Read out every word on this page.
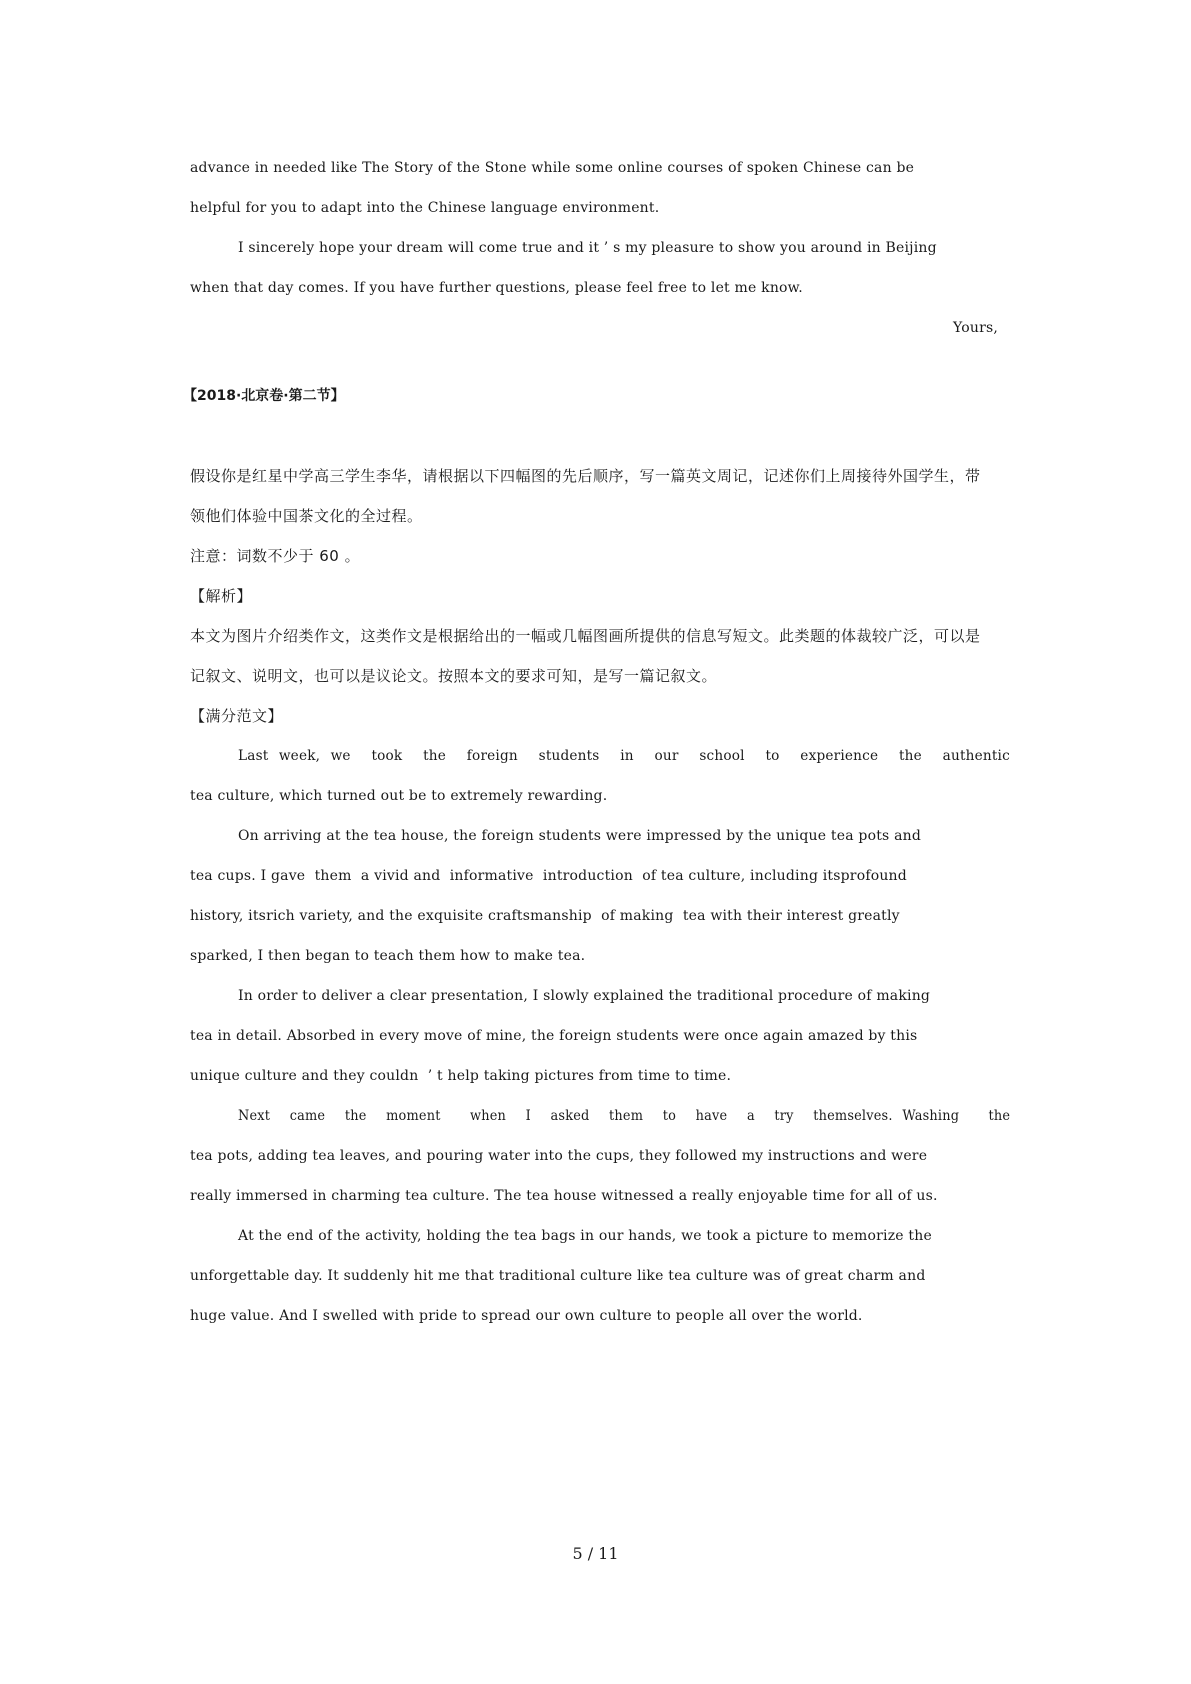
advance in needed like The Story of the Stone while some online courses of spoken Chinese can be
helpful for you to adapt into the Chinese language environment.
I sincerely hope your dream will come true and it ’ s my pleasure to show you around in Beijing
when that day comes. If you have further questions, please feel free to let me know.
Yours,
【2018·北京卷·第二节】
假设你是红星中学高三学生李华，请根据以下四幅图的先后顺序，写一篇英文周记，记述你们上周接待外国学生，带
领他们体验中国茶文化的全过程。
注意：词数不少于 60 。
【解析】
本文为图片介绍类作文，这类作文是根据给出的一幅或几幅图画所提供的信息写短文。此类题的体裁较广泛，可以是
记叙文、说明文，也可以是议论文。按照本文的要求可知，是写一篇记叙文。
【满分范文】
Last week, we  took  the  foreign  students  in  our  school  to  experience  the  authentic
tea culture, which turned out be to extremely rewarding.
On arriving at the tea house, the foreign students were impressed by the unique tea pots and
tea cups. I gave  them  a vivid and  informative  introduction  of tea culture, including itsprofound
history, itsrich variety, and the exquisite craftsmanship  of making  tea with their interest greatly
sparked, I then began to teach them how to make tea.
In order to deliver a clear presentation, I slowly explained the traditional procedure of making
tea in detail. Absorbed in every move of mine, the foreign students were once again amazed by this
unique culture and they couldn  ’ t help taking pictures from time to time.
Next  came  the  moment   when  I  asked  them  to  have  a  try  themselves. Washing   the
tea pots, adding tea leaves, and pouring water into the cups, they followed my instructions and were
really immersed in charming tea culture. The tea house witnessed a really enjoyable time for all of us.
At the end of the activity, holding the tea bags in our hands, we took a picture to memorize the
unforgettable day. It suddenly hit me that traditional culture like tea culture was of great charm and
huge value. And I swelled with pride to spread our own culture to people all over the world.
5 / 11
